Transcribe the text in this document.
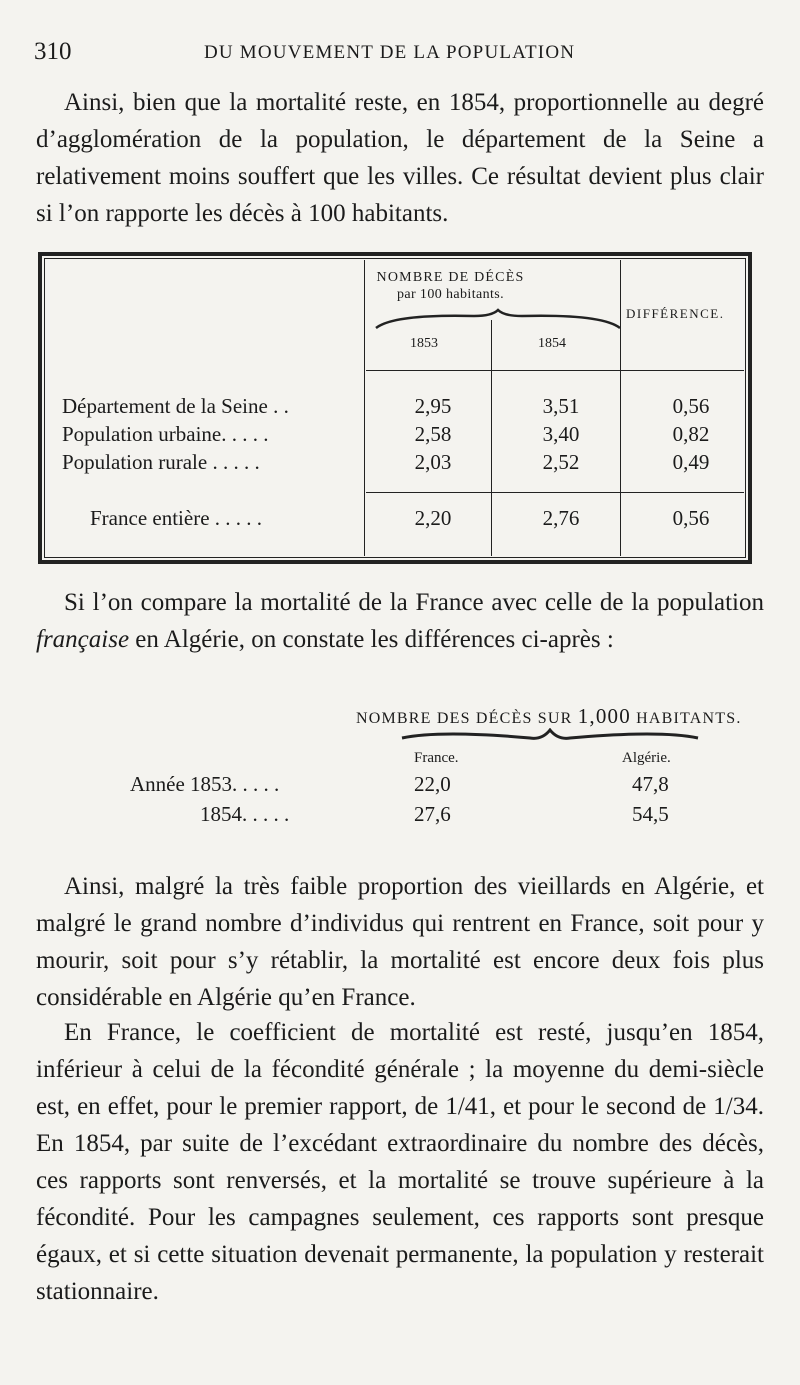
310	DU MOUVEMENT DE LA POPULATION

Ainsi, bien que la mortalité reste, en 1854, proportionnelle au degré d’agglomération de la population, le département de la Seine a relativement moins souffert que les villes. Ce résultat devient plus clair si l’on rapporte les décès à 100 habitants.

NOMBRE DE DÉCÈS
par 100 habitants.
1853	1854
DIFFÉRENCE.
Département de la Seine . .	2,95	3,51	0,56
Population urbaine. . . . .	2,58	3,40	0,82
Population rurale . . . . .	2,03	2,52	0,49
France entière . . . . .	2,20	2,76	0,56

Si l’on compare la mortalité de la France avec celle de la population française en Algérie, on constate les différences ci-après :

NOMBRE DES DÉCÈS SUR 1,000 HABITANTS.
France.	Algérie.
Année 1853. . . . .	22,0	47,8
1854. . . . .	27,6	54,5

Ainsi, malgré la très faible proportion des vieillards en Algérie, et malgré le grand nombre d’individus qui rentrent en France, soit pour y mourir, soit pour s’y rétablir, la mortalité est encore deux fois plus considérable en Algérie qu’en France.

En France, le coefficient de mortalité est resté, jusqu’en 1854, inférieur à celui de la fécondité générale ; la moyenne du demi-siècle est, en effet, pour le premier rapport, de 1/41, et pour le second de 1/34. En 1854, par suite de l’excédant extraordinaire du nombre des décès, ces rapports sont renversés, et la mortalité se trouve supérieure à la fécondité. Pour les campagnes seulement, ces rapports sont presque égaux, et si cette situation devenait permanente, la population y resterait stationnaire.
